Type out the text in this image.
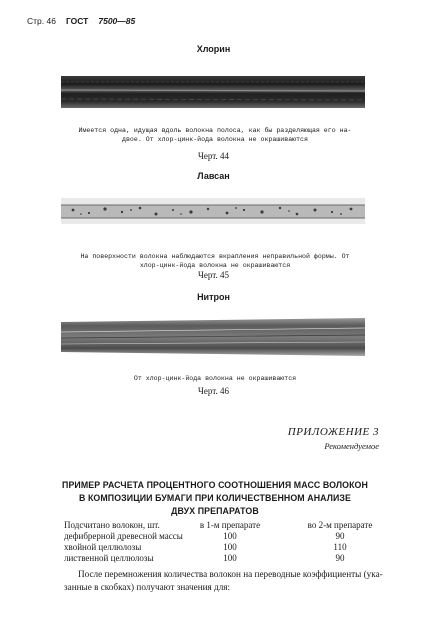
Стр. 46 ГОСТ 7500—85
Хлорин
Имеется одна, идущая вдоль волокна полоса, как бы разделяющая его на-
двое. От хлор-цинк-йода волокна не окрашиваются
Черт. 44
Лавсан
На поверхности волокна наблюдаются вкрапления неправильной формы. От
хлор-цинк-йода волокна не окрашиваются
Черт. 45
Нитрон
От хлор-цинк-йода волокна не окрашиваются
Черт. 46
ПРИЛОЖЕНИЕ 3
Рекомендуемое
ПРИМЕР РАСЧЕТА ПРОЦЕНТНОГО СООТНОШЕНИЯ МАСС ВОЛОКОН
В КОМПОЗИЦИИ БУМАГИ ПРИ КОЛИЧЕСТВЕННОМ АНАЛИЗЕ
ДВУХ ПРЕПАРАТОВ
Подсчитано волокон, шт.	в 1-м препарате	во 2-м препарате
дефибрерной древесной массы	100	90
хвойной целлюлозы	100	110
лиственной целлюлозы	100	90
После перемножения количества волокон на переводные коэффициенты (ука-
занные в скобках) получают значения для:
